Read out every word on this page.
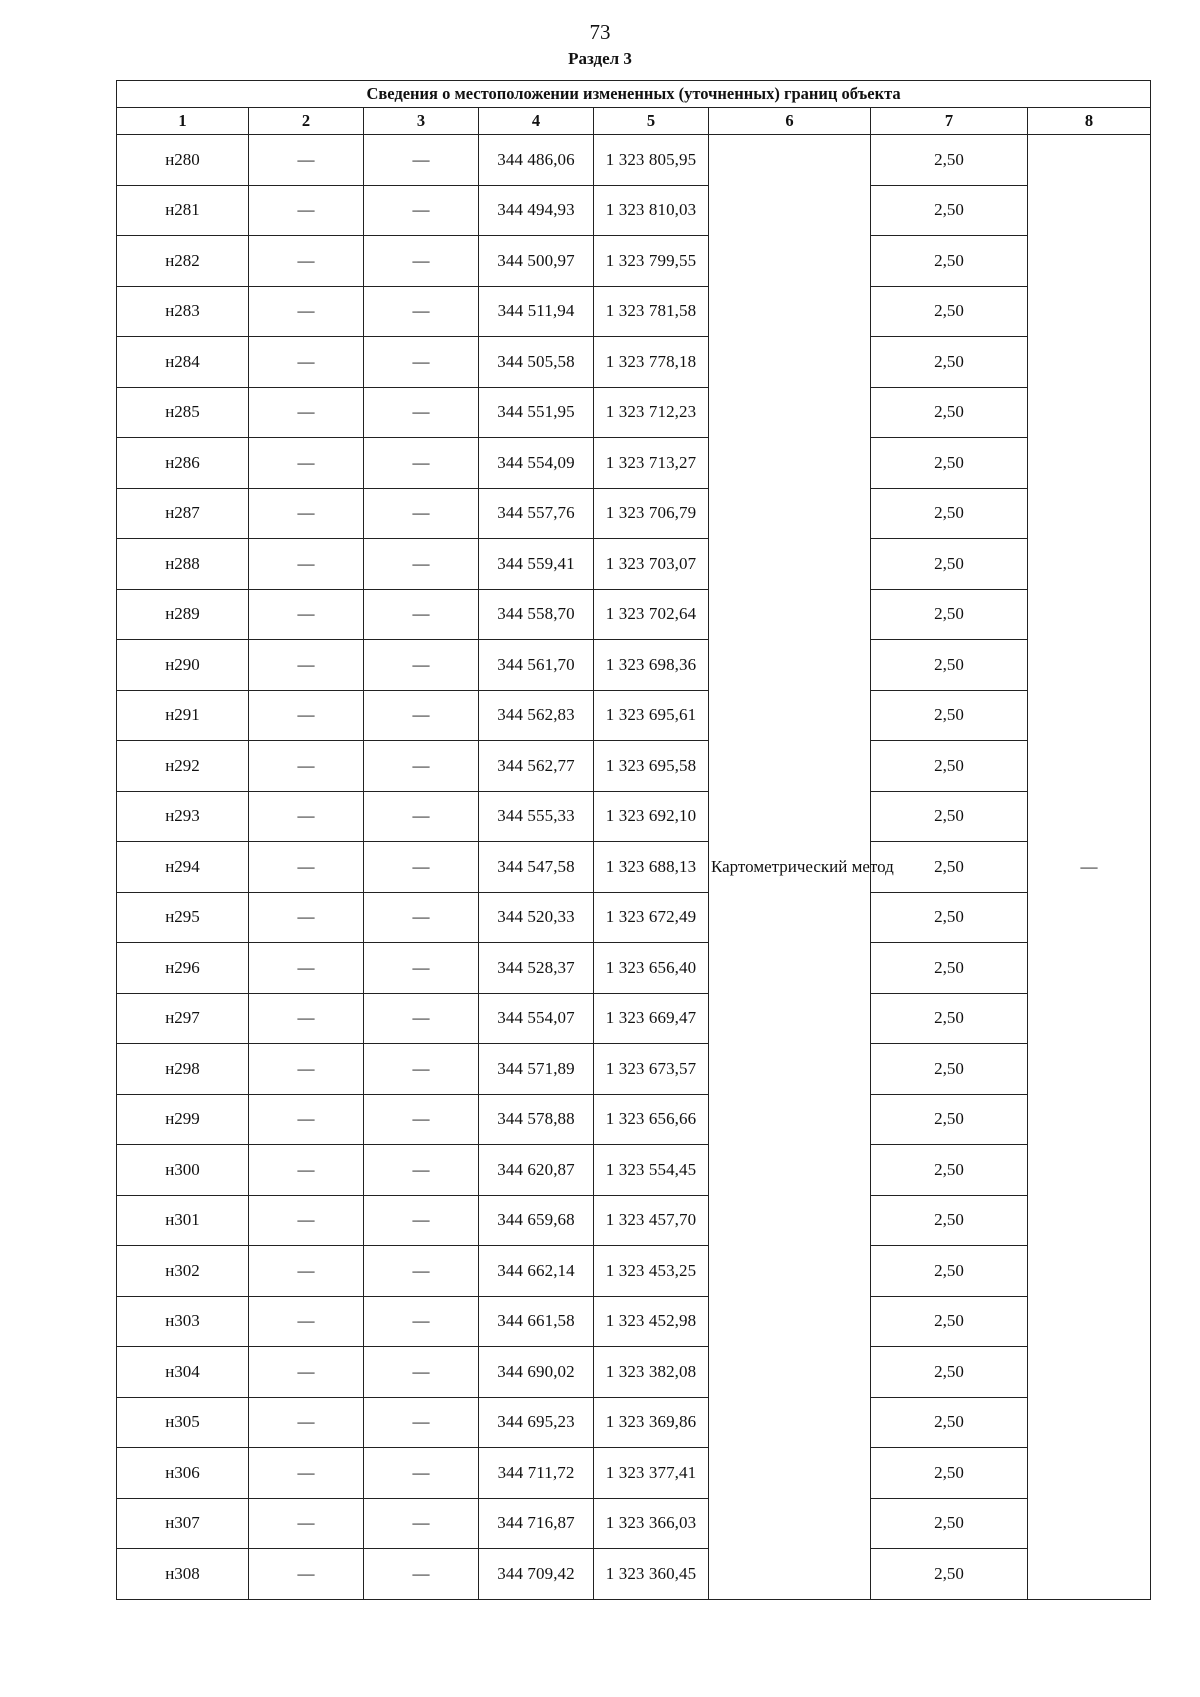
73
Раздел 3
Сведения о местоположении измененных (уточненных) границ объекта							
1	2	3	4	5	6	7	8
н280	—	—	344 486,06	1 323 805,95	Картометрический метод	2,50	—
н281	—	—	344 494,93	1 323 810,03		2,50	
н282	—	—	344 500,97	1 323 799,55		2,50	
н283	—	—	344 511,94	1 323 781,58		2,50	
н284	—	—	344 505,58	1 323 778,18		2,50	
н285	—	—	344 551,95	1 323 712,23		2,50	
н286	—	—	344 554,09	1 323 713,27		2,50	
н287	—	—	344 557,76	1 323 706,79		2,50	
н288	—	—	344 559,41	1 323 703,07		2,50	
н289	—	—	344 558,70	1 323 702,64		2,50	
н290	—	—	344 561,70	1 323 698,36		2,50	
н291	—	—	344 562,83	1 323 695,61		2,50	
н292	—	—	344 562,77	1 323 695,58		2,50	
н293	—	—	344 555,33	1 323 692,10		2,50	
н294	—	—	344 547,58	1 323 688,13		2,50	
н295	—	—	344 520,33	1 323 672,49		2,50	
н296	—	—	344 528,37	1 323 656,40		2,50	
н297	—	—	344 554,07	1 323 669,47		2,50	
н298	—	—	344 571,89	1 323 673,57		2,50	
н299	—	—	344 578,88	1 323 656,66		2,50	
н300	—	—	344 620,87	1 323 554,45		2,50	
н301	—	—	344 659,68	1 323 457,70		2,50	
н302	—	—	344 662,14	1 323 453,25		2,50	
н303	—	—	344 661,58	1 323 452,98		2,50	
н304	—	—	344 690,02	1 323 382,08		2,50	
н305	—	—	344 695,23	1 323 369,86		2,50	
н306	—	—	344 711,72	1 323 377,41		2,50	
н307	—	—	344 716,87	1 323 366,03		2,50	
н308	—	—	344 709,42	1 323 360,45		2,50	
